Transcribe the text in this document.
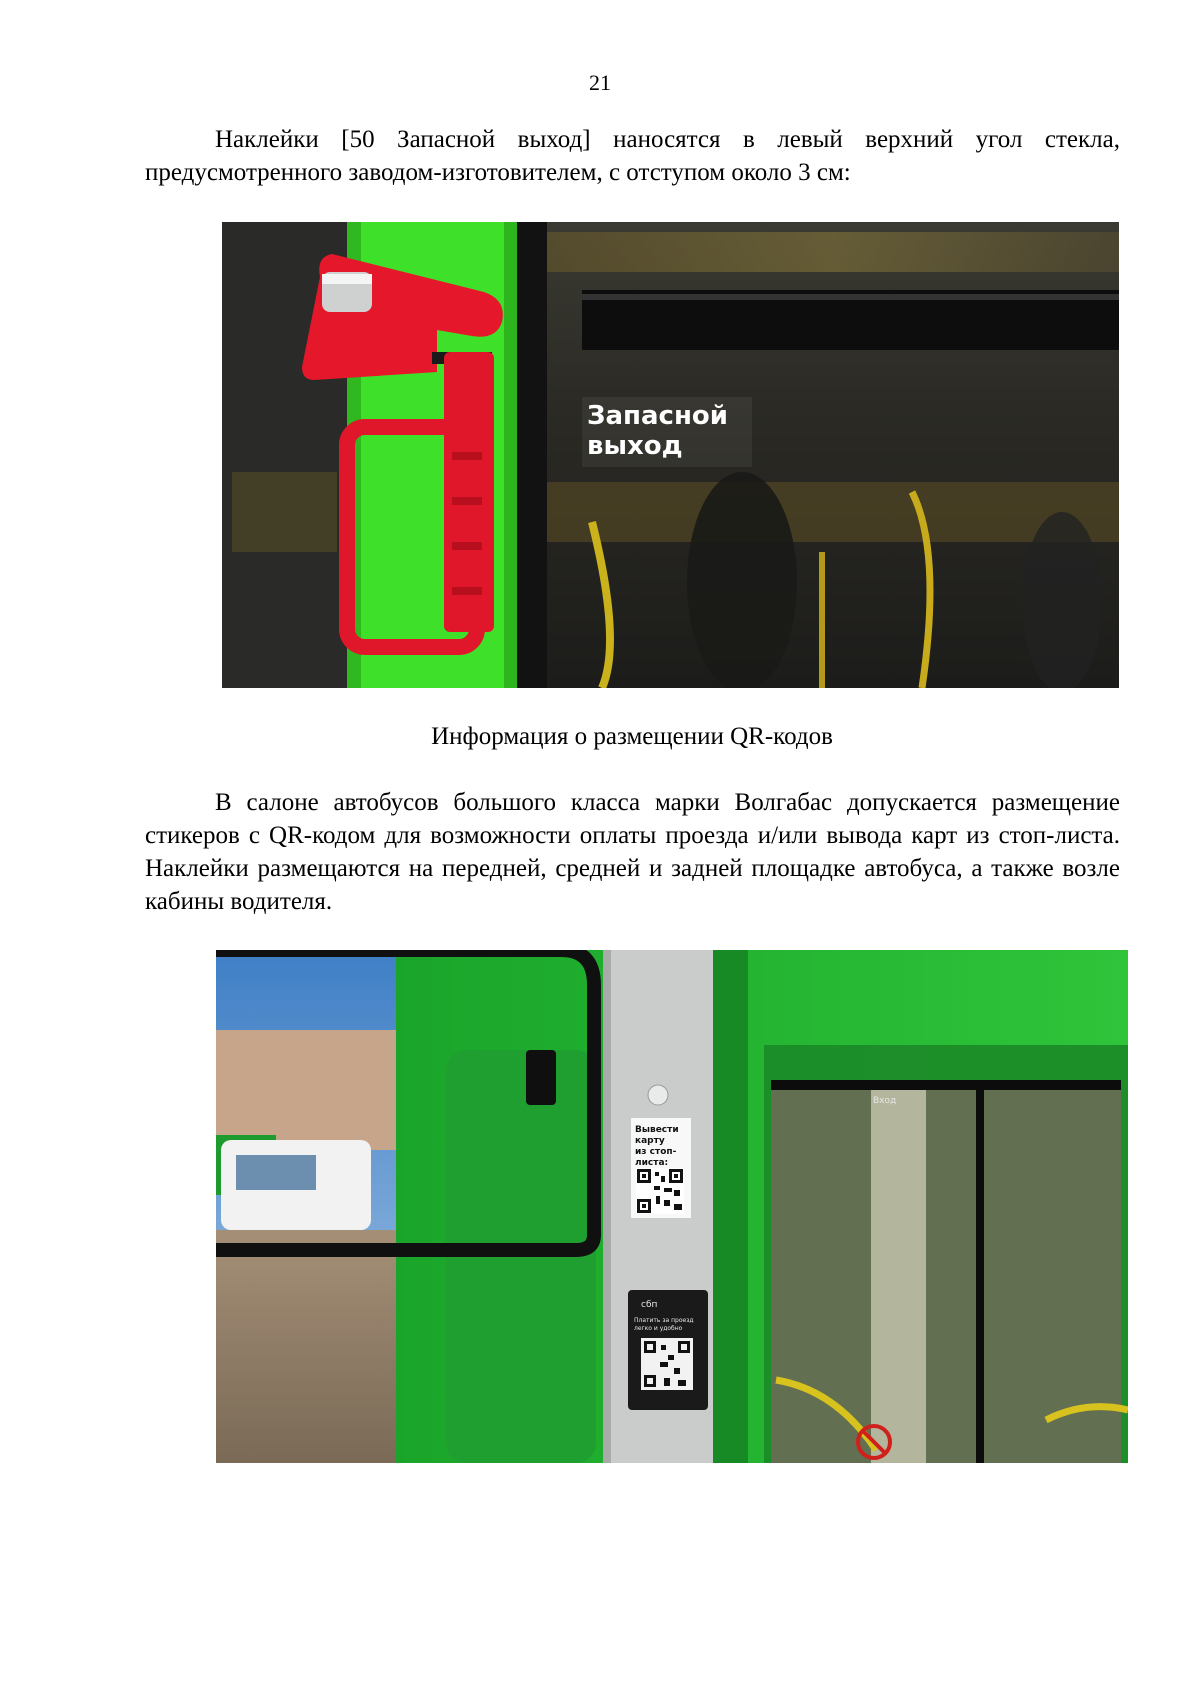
21

Наклейки [50 Запасной выход] наносятся в левый верхний угол стекла, предусмотренного заводом-изготовителем, с отступом около 3 см:

Запасной
выход

Информация о размещении QR-кодов

В салоне автобусов большого класса марки Волгабас допускается размещение стикеров с QR-кодом для возможности оплаты проезда и/или вывода карт из стоп-листа. Наклейки размещаются на передней, средней и задней площадке автобуса, а также возле кабины водителя.

Вывести
карту
из стоп-
листа:
сбп
Платить за проезд
легко и удобно
Вход
